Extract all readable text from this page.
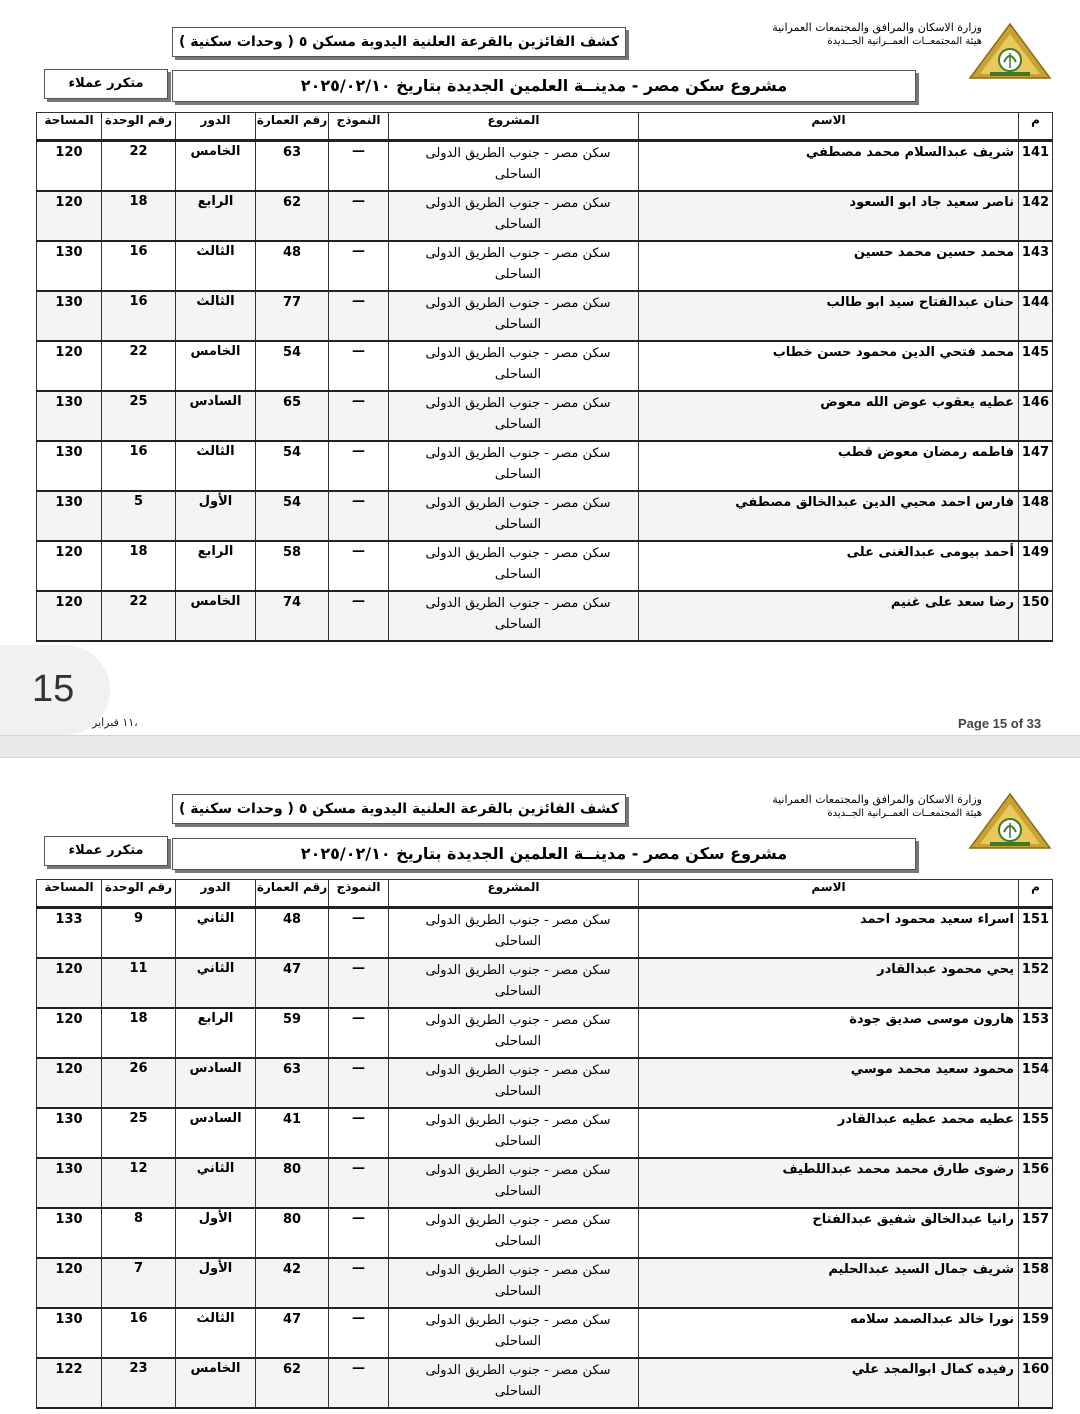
كشف الفائزين بالقرعة العلنية اليدوية مسكن ٥ ( وحدات سكنية )
وزارة الاسكان والمرافق والمجتمعات العمرانية
هيئة المجتمعــات العمــرانية الجــديدة
متكرر عملاء	مشروع سكن مصر - مدينــة العلمين الجديدة بتاريخ ٢٠٢٥/٠٢/١٠
المساحة	رقم الوحدة	الدور	رقم العمارة	النموذج	المشروع	الاسم	م
120	22	الخامس	63	—	سكن مصر - جنوب الطريق الدولى الساحلى	شريف عبدالسلام محمد مصطفي	141
120	18	الرابع	62	—	سكن مصر - جنوب الطريق الدولى الساحلى	ناصر سعيد جاد ابو السعود	142
130	16	الثالث	48	—	سكن مصر - جنوب الطريق الدولى الساحلى	محمد حسين محمد حسين	143
130	16	الثالث	77	—	سكن مصر - جنوب الطريق الدولى الساحلى	حنان عبدالفتاح سيد ابو طالب	144
120	22	الخامس	54	—	سكن مصر - جنوب الطريق الدولى الساحلى	محمد فتحي الدين محمود حسن خطاب	145
130	25	السادس	65	—	سكن مصر - جنوب الطريق الدولى الساحلى	عطيه يعقوب عوض الله معوض	146
130	16	الثالث	54	—	سكن مصر - جنوب الطريق الدولى الساحلى	فاطمه رمضان معوض قطب	147
130	5	الأول	54	—	سكن مصر - جنوب الطريق الدولى الساحلى	فارس احمد محيي الدين عبدالخالق مصطفي	148
120	18	الرابع	58	—	سكن مصر - جنوب الطريق الدولى الساحلى	أحمد بيومى عبدالغنى على	149
120	22	الخامس	74	—	سكن مصر - جنوب الطريق الدولى الساحلى	رضا سعد على غنيم	150
15
١١ فبراير،	Page 15 of 33
كشف الفائزين بالقرعة العلنية اليدوية مسكن ٥ ( وحدات سكنية )
وزارة الاسكان والمرافق والمجتمعات العمرانية
هيئة المجتمعــات العمــرانية الجــديدة
متكرر عملاء	مشروع سكن مصر - مدينــة العلمين الجديدة بتاريخ ٢٠٢٥/٠٢/١٠
المساحة	رقم الوحدة	الدور	رقم العمارة	النموذج	المشروع	الاسم	م
133	9	الثاني	48	—	سكن مصر - جنوب الطريق الدولى الساحلى	اسراء سعيد محمود احمد	151
120	11	الثاني	47	—	سكن مصر - جنوب الطريق الدولى الساحلى	يحي محمود عبدالقادر	152
120	18	الرابع	59	—	سكن مصر - جنوب الطريق الدولى الساحلى	هارون موسى صديق جودة	153
120	26	السادس	63	—	سكن مصر - جنوب الطريق الدولى الساحلى	محمود سعيد محمد موسي	154
130	25	السادس	41	—	سكن مصر - جنوب الطريق الدولى الساحلى	عطيه محمد عطيه عبدالقادر	155
130	12	الثاني	80	—	سكن مصر - جنوب الطريق الدولى الساحلى	رضوى طارق محمد محمد عبداللطيف	156
130	8	الأول	80	—	سكن مصر - جنوب الطريق الدولى الساحلى	رانيا عبدالخالق شفيق عبدالفتاح	157
120	7	الأول	42	—	سكن مصر - جنوب الطريق الدولى الساحلى	شريف جمال السيد عبدالحليم	158
130	16	الثالث	47	—	سكن مصر - جنوب الطريق الدولى الساحلى	نورا خالد عبدالصمد سلامه	159
122	23	الخامس	62	—	سكن مصر - جنوب الطريق الدولى الساحلى	رفيده كمال ابوالمجد علي	160
